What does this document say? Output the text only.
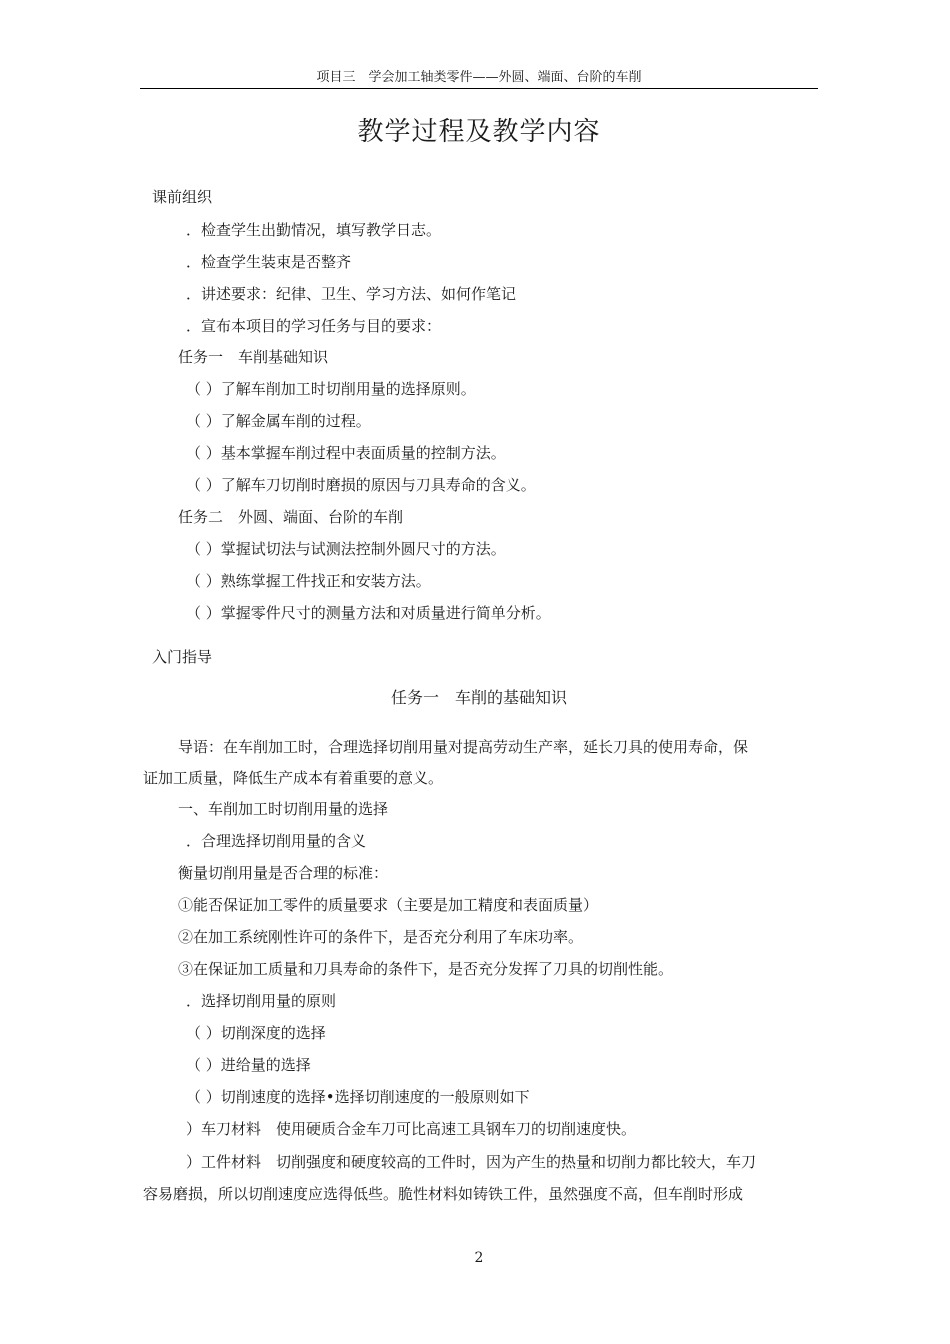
项目三　学会加工轴类零件——外圆、端面、台阶的车削
教学过程及教学内容
课前组织
．检查学生出勤情况，填写教学日志。
．检查学生装束是否整齐
．讲述要求：纪律、卫生、学习方法、如何作笔记
．宣布本项目的学习任务与目的要求：
任务一　车削基础知识
（ ）了解车削加工时切削用量的选择原则。
（ ）了解金属车削的过程。
（ ）基本掌握车削过程中表面质量的控制方法。
（ ）了解车刀切削时磨损的原因与刀具寿命的含义。
任务二　外圆、端面、台阶的车削
（ ）掌握试切法与试测法控制外圆尺寸的方法。
（ ）熟练掌握工件找正和安装方法。
（ ）掌握零件尺寸的测量方法和对质量进行简单分析。
入门指导
任务一　车削的基础知识
导语：在车削加工时，合理选择切削用量对提高劳动生产率，延长刀具的使用寿命，保
证加工质量，降低生产成本有着重要的意义。
一、车削加工时切削用量的选择
．合理选择切削用量的含义
衡量切削用量是否合理的标准：
①能否保证加工零件的质量要求（主要是加工精度和表面质量）
②在加工系统刚性许可的条件下，是否充分利用了车床功率。
③在保证加工质量和刀具寿命的条件下，是否充分发挥了刀具的切削性能。
．选择切削用量的原则
（ ）切削深度的选择
（ ）进给量的选择
（ ）切削速度的选择•选择切削速度的一般原则如下
）车刀材料　使用硬质合金车刀可比高速工具钢车刀的切削速度快。
）工件材料　切削强度和硬度较高的工件时，因为产生的热量和切削力都比较大，车刀
容易磨损，所以切削速度应选得低些。脆性材料如铸铁工件，虽然强度不高，但车削时形成
2
